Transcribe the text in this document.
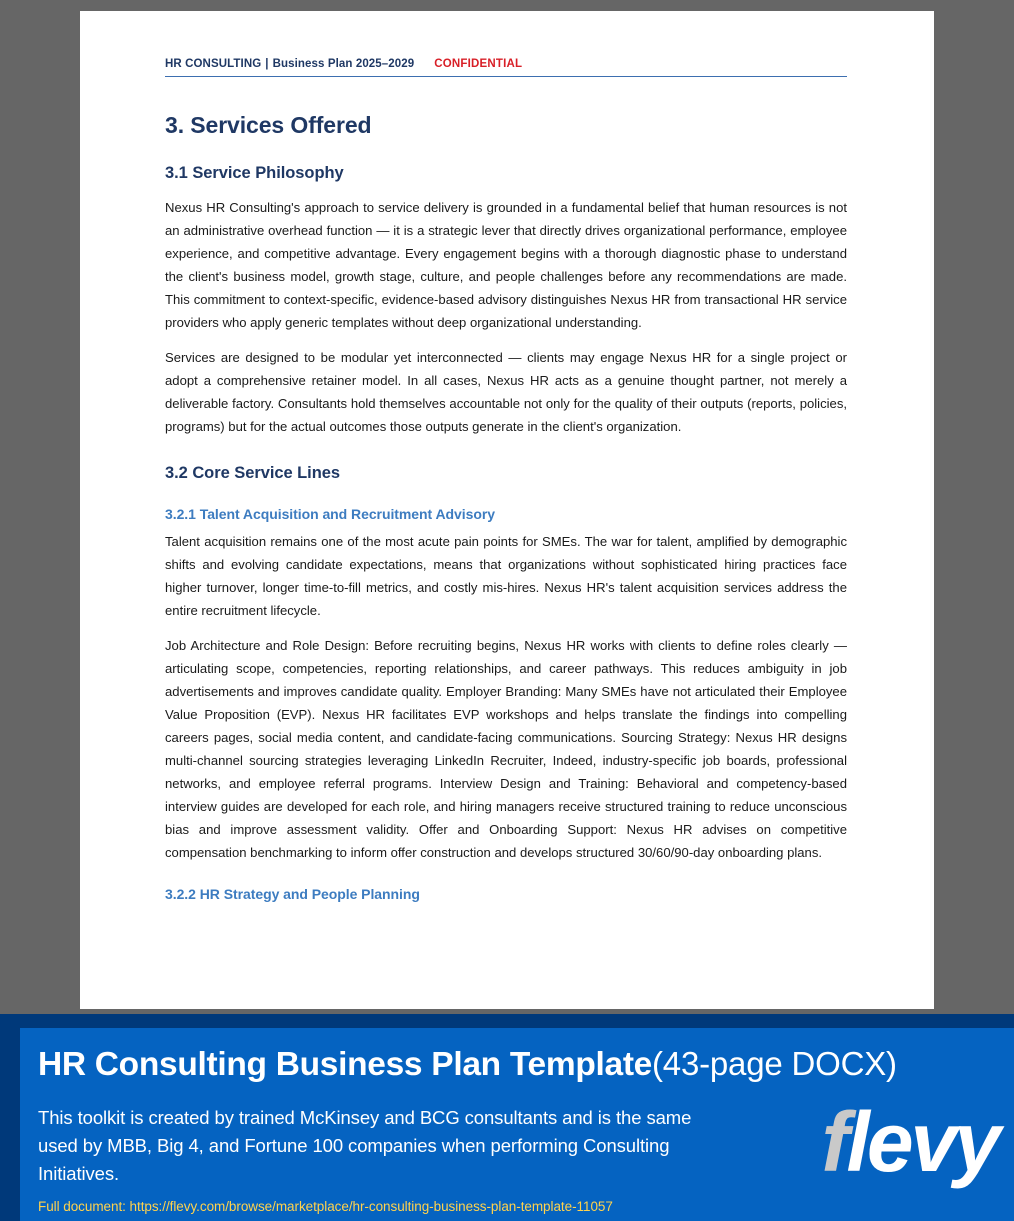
HR CONSULTING | Business Plan 2025–2029 CONFIDENTIAL
3. Services Offered
3.1 Service Philosophy

Nexus HR Consulting's approach to service delivery is grounded in a fundamental belief that human resources is not an administrative overhead function — it is a strategic lever that directly drives organizational performance, employee experience, and competitive advantage. Every engagement begins with a thorough diagnostic phase to understand the client's business model, growth stage, culture, and people challenges before any recommendations are made. This commitment to context-specific, evidence-based advisory distinguishes Nexus HR from transactional HR service providers who apply generic templates without deep organizational understanding.

Services are designed to be modular yet interconnected — clients may engage Nexus HR for a single project or adopt a comprehensive retainer model. In all cases, Nexus HR acts as a genuine thought partner, not merely a deliverable factory. Consultants hold themselves accountable not only for the quality of their outputs (reports, policies, programs) but for the actual outcomes those outputs generate in the client's organization.

3.2 Core Service Lines
3.2.1 Talent Acquisition and Recruitment Advisory

Talent acquisition remains one of the most acute pain points for SMEs. The war for talent, amplified by demographic shifts and evolving candidate expectations, means that organizations without sophisticated hiring practices face higher turnover, longer time-to-fill metrics, and costly mis-hires. Nexus HR's talent acquisition services address the entire recruitment lifecycle.

Job Architecture and Role Design: Before recruiting begins, Nexus HR works with clients to define roles clearly — articulating scope, competencies, reporting relationships, and career pathways. This reduces ambiguity in job advertisements and improves candidate quality. Employer Branding: Many SMEs have not articulated their Employee Value Proposition (EVP). Nexus HR facilitates EVP workshops and helps translate the findings into compelling careers pages, social media content, and candidate-facing communications. Sourcing Strategy: Nexus HR designs multi-channel sourcing strategies leveraging LinkedIn Recruiter, Indeed, industry-specific job boards, professional networks, and employee referral programs. Interview Design and Training: Behavioral and competency-based interview guides are developed for each role, and hiring managers receive structured training to reduce unconscious bias and improve assessment validity. Offer and Onboarding Support: Nexus HR advises on competitive compensation benchmarking to inform offer construction and develops structured 30/60/90-day onboarding plans.

3.2.2 HR Strategy and People Planning
HR Consulting Business Plan Template(43-page DOCX)
This toolkit is created by trained McKinsey and BCG consultants and is the same used by MBB, Big 4, and Fortune 100 companies when performing Consulting Initiatives.
Full document: https://flevy.com/browse/marketplace/hr-consulting-business-plan-template-11057
flevy
